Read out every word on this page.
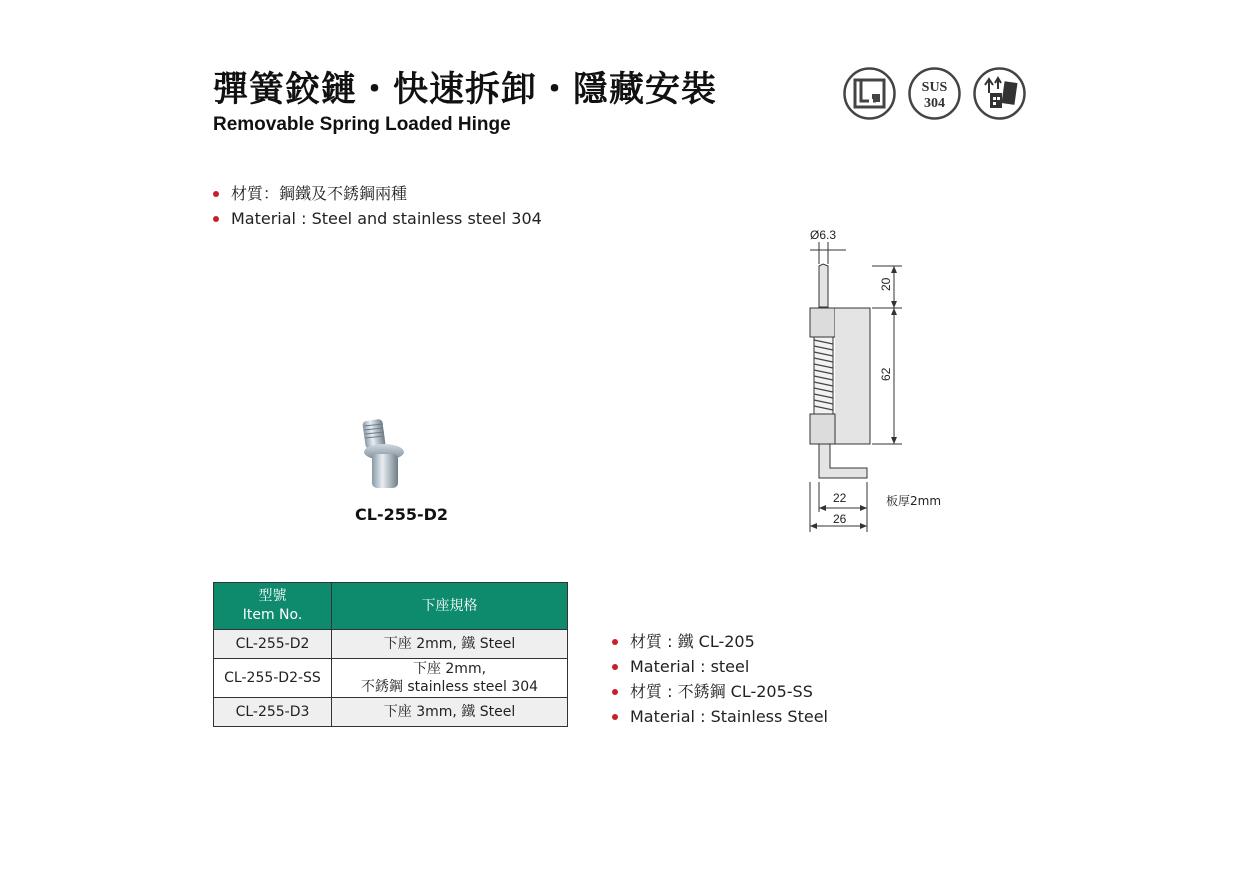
彈簧鉸鏈・快速拆卸・隱藏安裝
Removable Spring Loaded Hinge
SUS
304
材質：鋼鐵及不銹鋼兩種
Material : Steel and stainless steel 304
CL-255-D2
Ø6.3
20
62
22
26
板厚2mm
型號
Item No.	下座規格
CL-255-D2	下座 2mm, 鐵 Steel
CL-255-D2-SS	下座 2mm,
不銹鋼 stainless steel 304

CL-255-D3	下座 3mm, 鐵 Steel
材質 : 鐵 CL-205
Material : steel
材質 : 不銹鋼 CL-205-SS
Material : Stainless Steel
